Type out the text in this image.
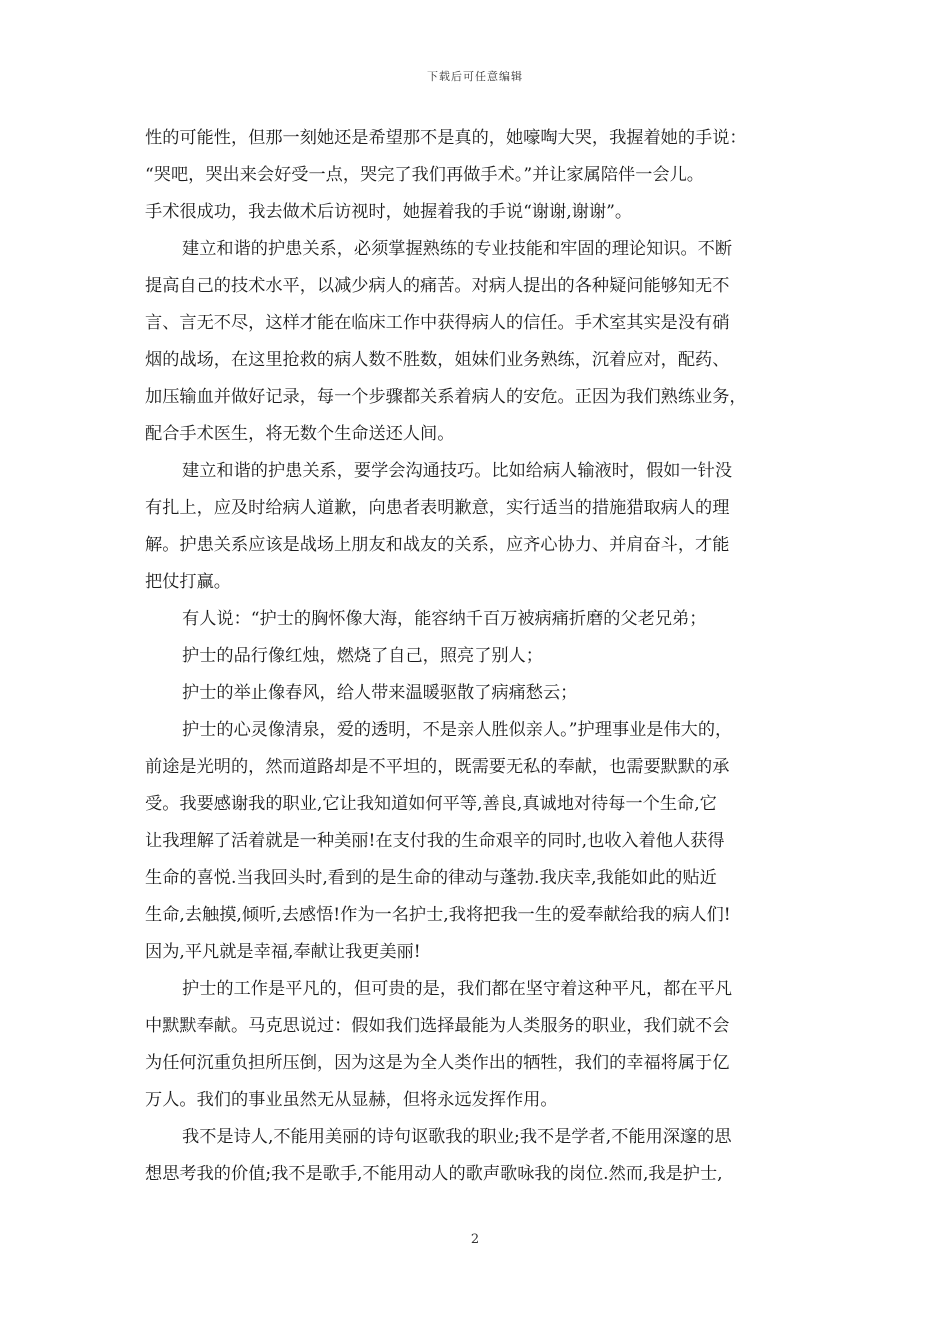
下载后可任意编辑
性的可能性，但那一刻她还是希望那不是真的，她嚎啕大哭，我握着她的手说：
“哭吧，哭出来会好受一点，哭完了我们再做手术。”并让家属陪伴一会儿。
手术很成功，我去做术后访视时，她握着我的手说“谢谢,谢谢”。
建立和谐的护患关系，必须掌握熟练的专业技能和牢固的理论知识。不断
提高自己的技术水平，以减少病人的痛苦。对病人提出的各种疑问能够知无不
言、言无不尽，这样才能在临床工作中获得病人的信任。手术室其实是没有硝
烟的战场，在这里抢救的病人数不胜数，姐妹们业务熟练，沉着应对，配药、
加压输血并做好记录，每一个步骤都关系着病人的安危。正因为我们熟练业务，
配合手术医生，将无数个生命送还人间。
建立和谐的护患关系，要学会沟通技巧。比如给病人输液时，假如一针没
有扎上，应及时给病人道歉，向患者表明歉意，实行适当的措施猎取病人的理
解。护患关系应该是战场上朋友和战友的关系，应齐心协力、并肩奋斗，才能
把仗打赢。
有人说：“护士的胸怀像大海，能容纳千百万被病痛折磨的父老兄弟；
护士的品行像红烛，燃烧了自己，照亮了别人；
护士的举止像春风，给人带来温暖驱散了病痛愁云；
护士的心灵像清泉，爱的透明，不是亲人胜似亲人。”护理事业是伟大的，
前途是光明的，然而道路却是不平坦的，既需要无私的奉献，也需要默默的承
受。我要感谢我的职业,它让我知道如何平等,善良,真诚地对待每一个生命,它
让我理解了活着就是一种美丽!在支付我的生命艰辛的同时,也收入着他人获得
生命的喜悦.当我回头时,看到的是生命的律动与蓬勃.我庆幸,我能如此的贴近
生命,去触摸,倾听,去感悟!作为一名护士,我将把我一生的爱奉献给我的病人们!
因为,平凡就是幸福,奉献让我更美丽!
护士的工作是平凡的，但可贵的是，我们都在坚守着这种平凡，都在平凡
中默默奉献。马克思说过：假如我们选择最能为人类服务的职业，我们就不会
为任何沉重负担所压倒，因为这是为全人类作出的牺牲，我们的幸福将属于亿
万人。我们的事业虽然无从显赫，但将永远发挥作用。
我不是诗人,不能用美丽的诗句讴歌我的职业;我不是学者,不能用深邃的思
想思考我的价值;我不是歌手,不能用动人的歌声歌咏我的岗位.然而,我是护士,
2
